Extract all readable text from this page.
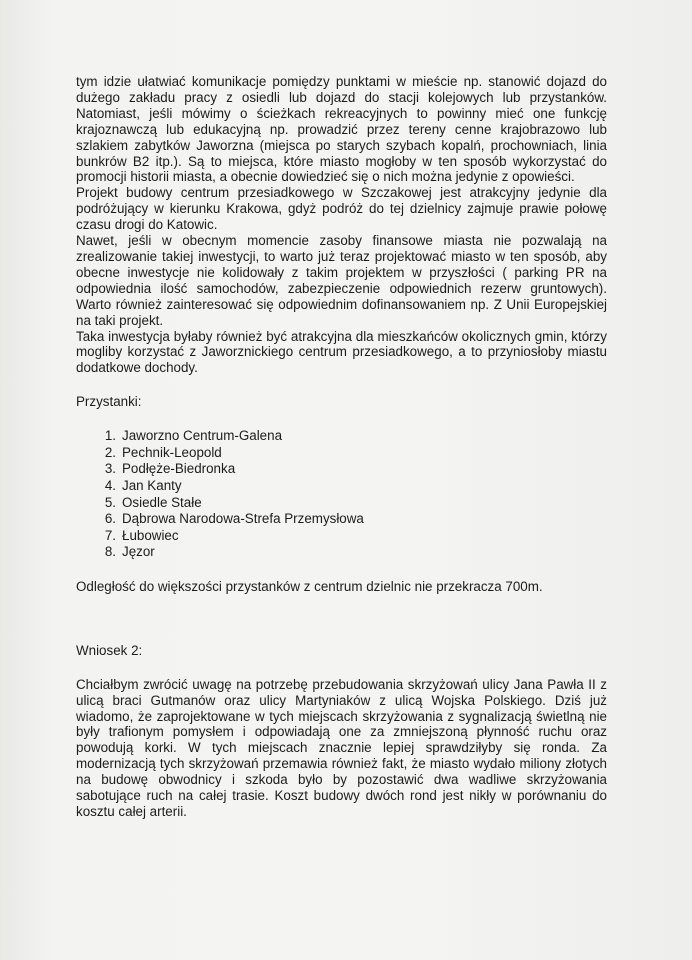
tym idzie ułatwiać komunikacje pomiędzy punktami w mieście np. stanowić dojazd do dużego zakładu pracy z osiedli lub dojazd do stacji kolejowych lub przystanków. Natomiast, jeśli mówimy o ścieżkach rekreacyjnych to powinny mieć one funkcję krajoznawczą lub edukacyjną np. prowadzić przez tereny cenne krajobrazowo lub szlakiem zabytków Jaworzna (miejsca po starych szybach kopalń, prochowniach, linia bunkrów B2 itp.). Są to miejsca, które miasto mogłoby w ten sposób wykorzystać do promocji historii miasta, a obecnie dowiedzieć się o nich można jedynie z opowieści.

Projekt budowy centrum przesiadkowego w Szczakowej jest atrakcyjny jedynie dla podróżujący w kierunku Krakowa, gdyż podróż do tej dzielnicy zajmuje prawie połowę czasu drogi do Katowic.

Nawet, jeśli w obecnym momencie zasoby finansowe miasta nie pozwalają na zrealizowanie takiej inwestycji, to warto już teraz projektować miasto w ten sposób, aby obecne inwestycje nie kolidowały z takim projektem w przyszłości ( parking PR na odpowiednia ilość samochodów, zabezpieczenie odpowiednich rezerw gruntowych). Warto również zainteresować się odpowiednim dofinansowaniem np. Z Unii Europejskiej na taki projekt.

Taka inwestycja byłaby również być atrakcyjna dla mieszkańców okolicznych gmin, którzy mogliby korzystać z Jaworznickiego centrum przesiadkowego, a to przyniosłoby miastu dodatkowe dochody.

Przystanki:

1. Jaworzno Centrum-Galena
2. Pechnik-Leopold
3. Podłęże-Biedronka
4. Jan Kanty
5. Osiedle Stałe
6. Dąbrowa Narodowa-Strefa Przemysłowa
7. Łubowiec
8. Jęzor

Odległość do większości przystanków z centrum dzielnic nie przekracza 700m.

Wniosek 2:

Chciałbym zwrócić uwagę na potrzebę przebudowania skrzyżowań ulicy Jana Pawła II z ulicą braci Gutmanów oraz ulicy Martyniaków z ulicą Wojska Polskiego. Dziś już wiadomo, że zaprojektowane w tych miejscach skrzyżowania z sygnalizacją świetlną nie były trafionym pomysłem i odpowiadają one za zmniejszoną płynność ruchu oraz powodują korki. W tych miejscach znacznie lepiej sprawdziłyby się ronda. Za modernizacją tych skrzyżowań przemawia również fakt, że miasto wydało miliony złotych na budowę obwodnicy i szkoda było by pozostawić dwa wadliwe skrzyżowania sabotujące ruch na całej trasie. Koszt budowy dwóch rond jest nikły w porównaniu do kosztu całej arterii.
